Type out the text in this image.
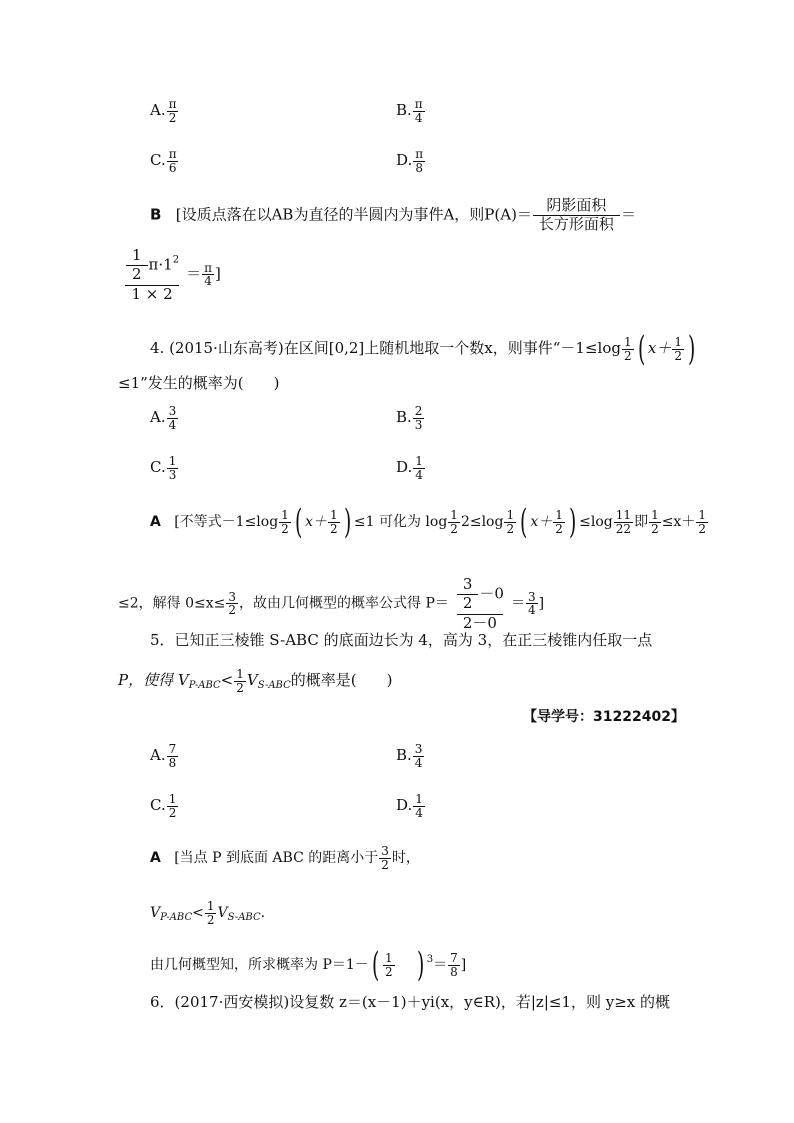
A. $\frac{\pi}{2}$	B. $\frac{\pi}{4}$
C. $\frac{\pi}{6}$	D. $\frac{\pi}{8}$
B [设质点落在以AB为直径的半圆内为事件A，则$P(A)= \frac{\text{阴影面积}}{\text{长方形面积}}$ ＝
$\frac{\frac{1}{2} \pi\cdot 1^2}{1 \times 2} = \frac{\pi}{4}$ ]
4. (2015·山东高考)在区间[0,2]上随机地取一个数x，则事件“$-1\le\log \frac{1}{2}$ ( $x+ \frac{1}{2}$ )
≤1”发生的概率为(　　)
A. $\frac{3}{4}$	B. $\frac{2}{3}$
C. $\frac{1}{3}$	D. $\frac{1}{4}$
A [不等式$-1\le\log \frac{1}{2}$ ( $x+ \frac{1}{2}$ ) ≤1 可化为 $\log \frac{1}{2} 2\le\log \frac{1}{2}$ ( $x+ \frac{1}{2}$ ) $\le\log \frac{11}{22}$ 即 $\frac{1}{2} \le x+ \frac{1}{2}$
≤2，解得 $0\le x\le \frac{3}{2}$ ，故由几何概型的概率公式得 $P= \frac{\frac{3}{2} -0}{2-0} = \frac{3}{4}$ ]
5．已知正三棱锥 S-ABC 的底面边长为 4，高为 3，在正三棱锥内任取一点
P，使得 $V_{P-ABC}< \frac{1}{2} V_{S-ABC}$的概率是(　　)
【导学号：31222402】
A. $\frac{7}{8}$	B. $\frac{3}{4}$
C. $\frac{1}{2}$	D. $\frac{1}{4}$
A [当点 P 到底面 ABC 的距离小于 $\frac{3}{2}$ 时，
$V_{P-ABC}< \frac{1}{2} V_{S-ABC}$.
由几何概型知，所求概率为 $P=1-( \frac{1}{2}$ ) $^3= \frac{7}{8}$ ]
6．(2017·西安模拟)设复数 z＝(x－1)＋yi(x，y∈R)，若|z|≤1，则 y≥x 的概
